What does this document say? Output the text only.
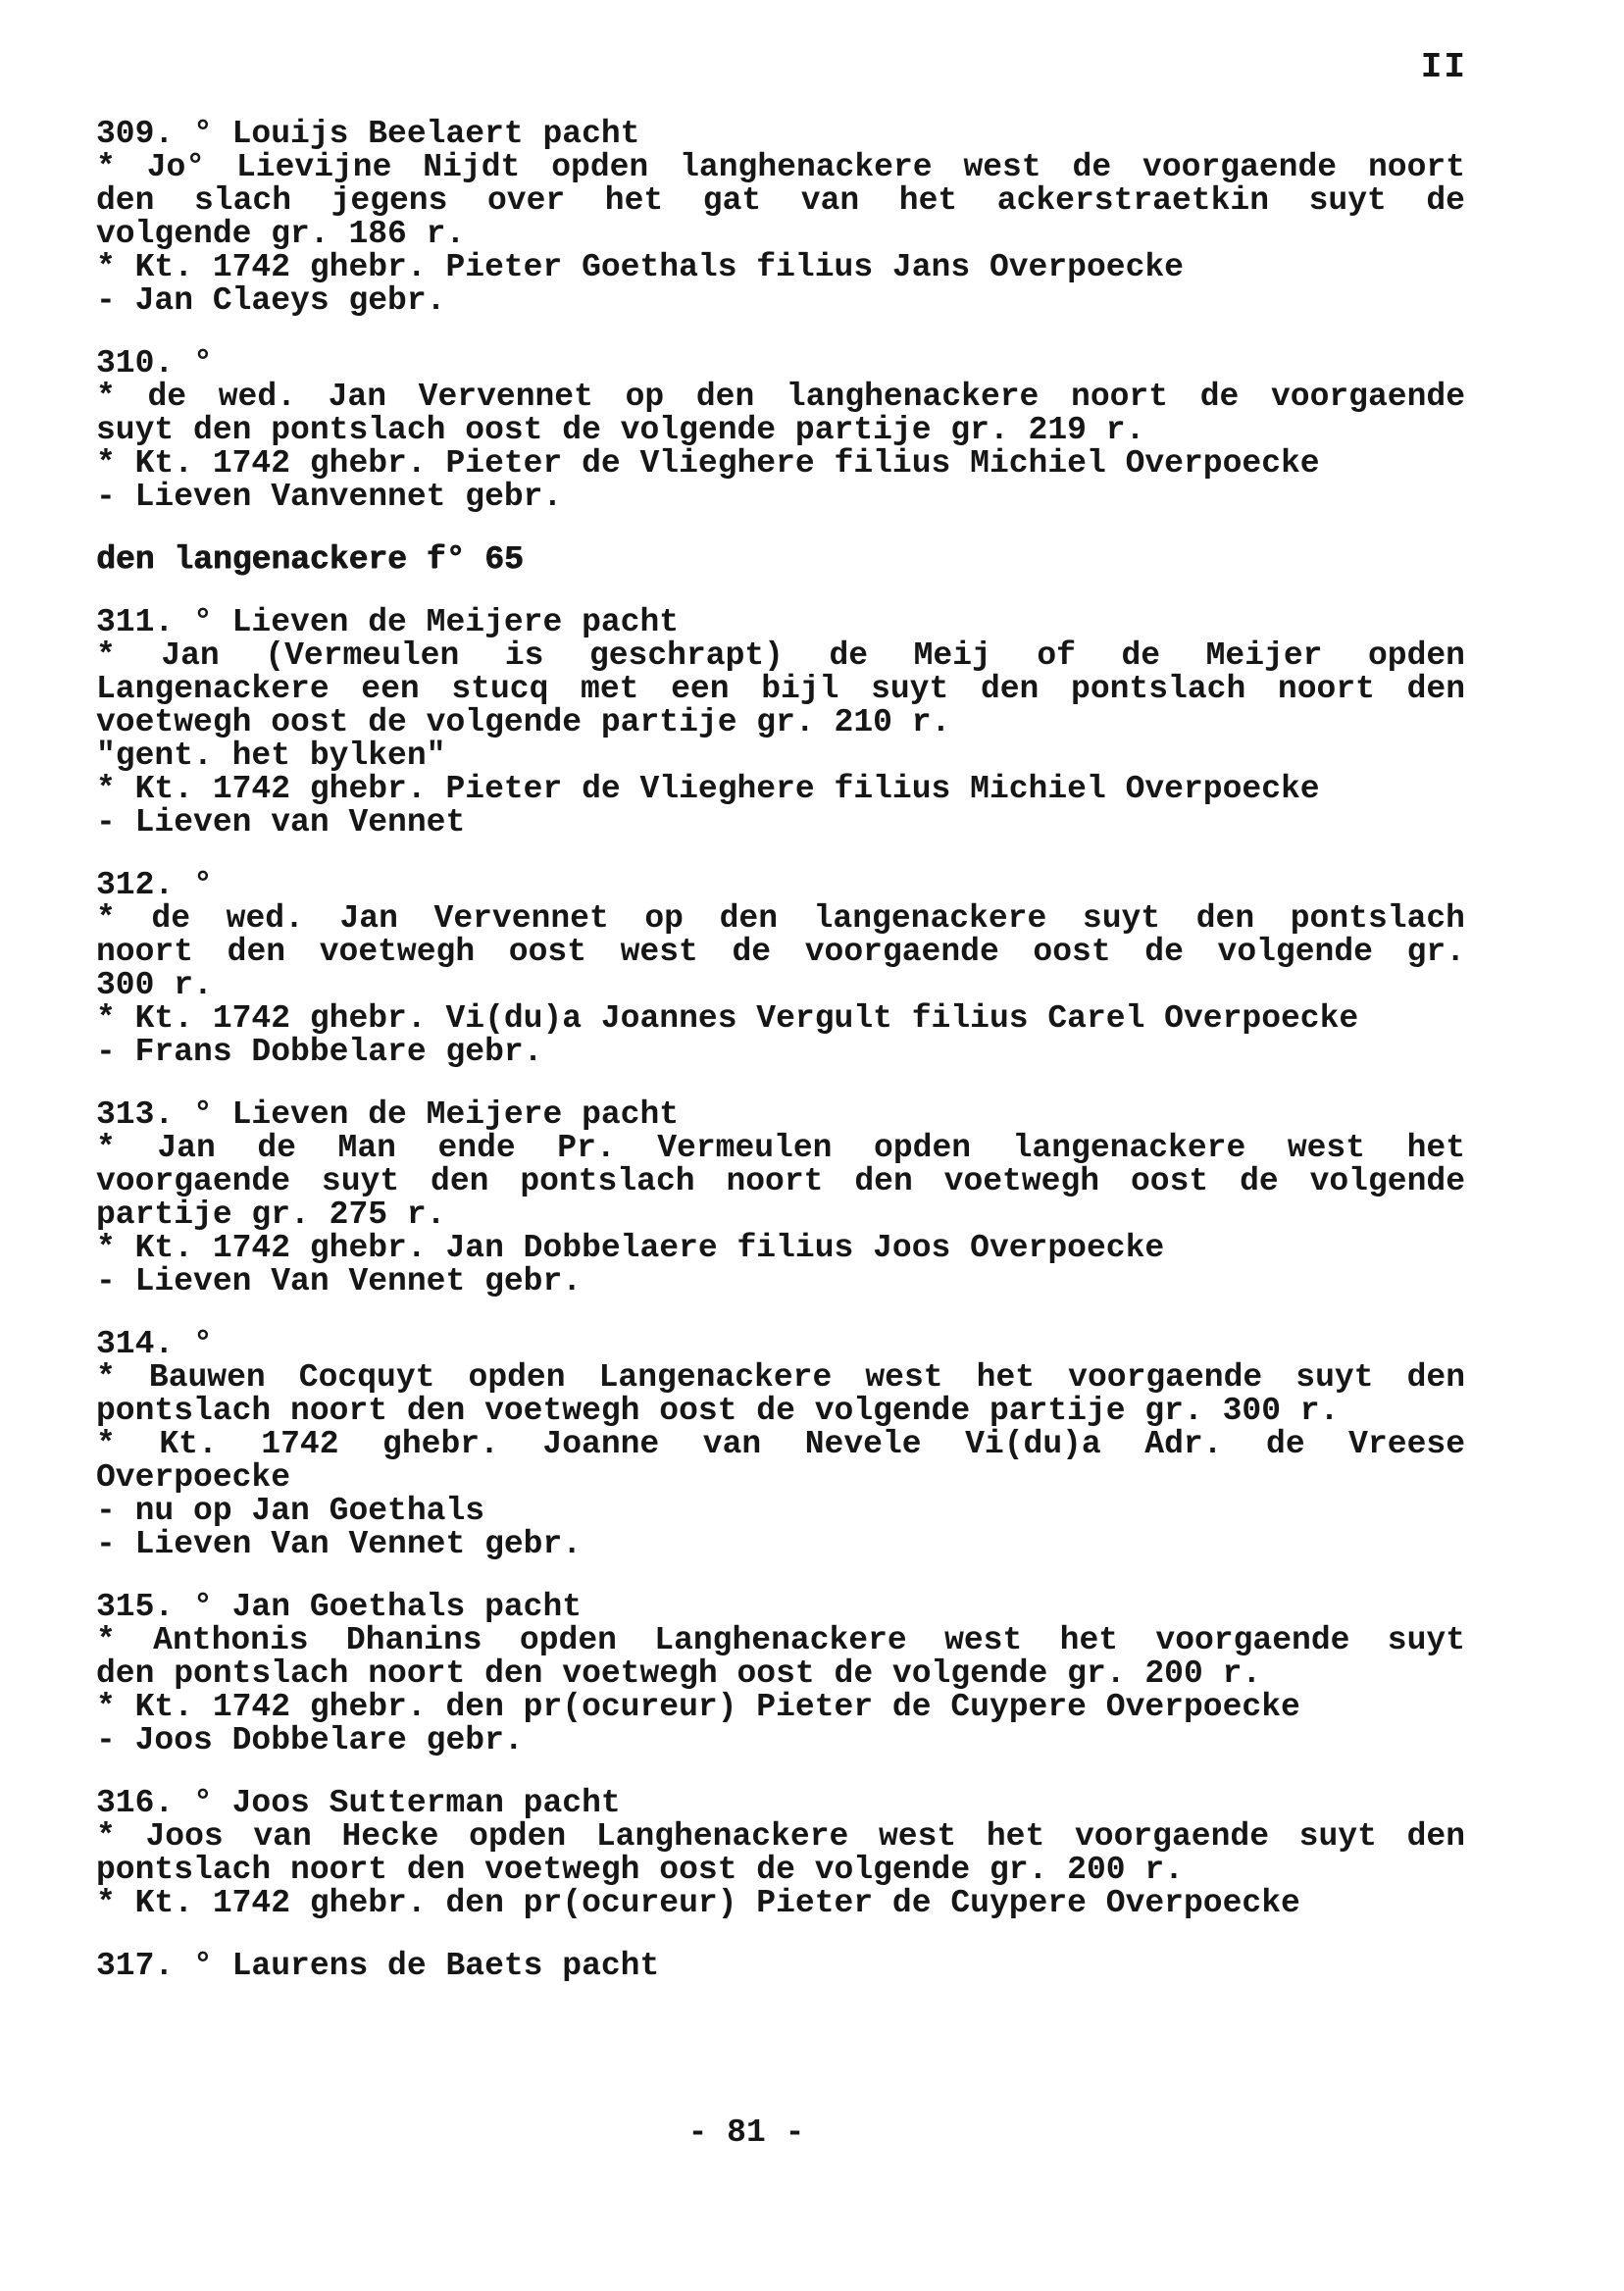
II
309. ° Louijs Beelaert pacht
* Jo° Lievijne Nijdt opden langhenackere west de voorgaende noort
den slach jegens over het gat van het ackerstraetkin suyt de
volgende gr. 186 r.
* Kt. 1742 ghebr. Pieter Goethals filius Jans Overpoecke
- Jan Claeys gebr.
310. °
* de wed. Jan Vervennet op den langhenackere noort de voorgaende
suyt den pontslach oost de volgende partije gr. 219 r.
* Kt. 1742 ghebr. Pieter de Vlieghere filius Michiel Overpoecke
- Lieven Vanvennet gebr.
den langenackere f° 65
311. ° Lieven de Meijere pacht
* Jan (Vermeulen is geschrapt) de Meij of de Meijer opden
Langenackere een stucq met een bijl suyt den pontslach noort den
voetwegh oost de volgende partije gr. 210 r.
"gent. het bylken"
* Kt. 1742 ghebr. Pieter de Vlieghere filius Michiel Overpoecke
- Lieven van Vennet
312. °
* de wed. Jan Vervennet op den langenackere suyt den pontslach
noort den voetwegh oost west de voorgaende oost de volgende gr.
300 r.
* Kt. 1742 ghebr. Vi(du)a Joannes Vergult filius Carel Overpoecke
- Frans Dobbelare gebr.
313. ° Lieven de Meijere pacht
* Jan de Man ende Pr. Vermeulen opden langenackere west het
voorgaende suyt den pontslach noort den voetwegh oost de volgende
partije gr. 275 r.
* Kt. 1742 ghebr. Jan Dobbelaere filius Joos Overpoecke
- Lieven Van Vennet gebr.
314. °
* Bauwen Cocquyt opden Langenackere west het voorgaende suyt den
pontslach noort den voetwegh oost de volgende partije gr. 300 r.
* Kt. 1742 ghebr. Joanne van Nevele Vi(du)a Adr. de Vreese
Overpoecke
- nu op Jan Goethals
- Lieven Van Vennet gebr.
315. ° Jan Goethals pacht
* Anthonis Dhanins opden Langhenackere west het voorgaende suyt
den pontslach noort den voetwegh oost de volgende gr. 200 r.
* Kt. 1742 ghebr. den pr(ocureur) Pieter de Cuypere Overpoecke
- Joos Dobbelare gebr.
316. ° Joos Sutterman pacht
* Joos van Hecke opden Langhenackere west het voorgaende suyt den
pontslach noort den voetwegh oost de volgende gr. 200 r.
* Kt. 1742 ghebr. den pr(ocureur) Pieter de Cuypere Overpoecke
317. ° Laurens de Baets pacht
- 81 -
